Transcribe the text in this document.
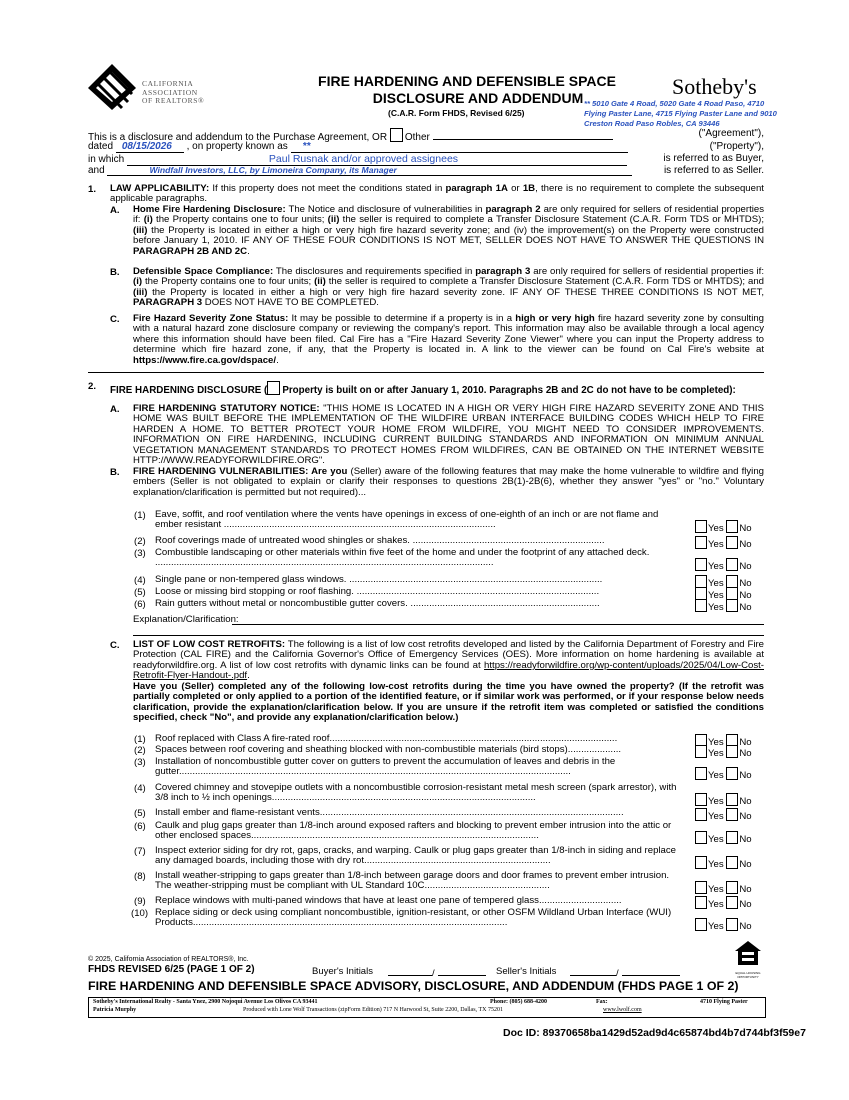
CALIFORNIA
ASSOCIATION
OF REALTORS®
FIRE HARDENING AND DEFENSIBLE SPACE
DISCLOSURE AND ADDENDUM
(C.A.R. Form FHDS, Revised 6/25)
Sotheby's
** 5010 Gate 4 Road, 5020 Gate 4 Road Paso, 4710 Flying Paster Lane, 4715 Flying Paster Lane and 9010 Creston Road Paso Robles, CA 93446
This is a disclosure and addendum to the Purchase Agreement, OR Other	("Agreement"),
dated 08/15/2026 , on property known as **	("Property"),
in which	Paul Rusnak and/or approved assignees	is referred to as Buyer,
and	Windfall Investors, LLC, by Limoneira Company, its Manager	is referred to as Seller.
1. LAW APPLICABILITY: If this property does not meet the conditions stated in paragraph 1A or 1B, there is no requirement to complete the subsequent applicable paragraphs.
A. Home Fire Hardening Disclosure: The Notice and disclosure of vulnerabilities in paragraph 2 are only required for sellers of residential properties if: (i) the Property contains one to four units; (ii) the seller is required to complete a Transfer Disclosure Statement (C.A.R. Form TDS or MHTDS); (iii) the Property is located in either a high or very high fire hazard severity zone; and (iv) the improvement(s) on the Property were constructed before January 1, 2010. IF ANY OF THESE FOUR CONDITIONS IS NOT MET, SELLER DOES NOT HAVE TO ANSWER THE QUESTIONS IN PARAGRAPH 2B AND 2C.
B. Defensible Space Compliance: The disclosures and requirements specified in paragraph 3 are only required for sellers of residential properties if: (i) the Property contains one to four units; (ii) the seller is required to complete a Transfer Disclosure Statement (C.A.R. Form TDS or MHTDS); and (iii) the Property is located in either a high or very high fire hazard severity zone. IF ANY OF THESE THREE CONDITIONS IS NOT MET, PARAGRAPH 3 DOES NOT HAVE TO BE COMPLETED.
C. Fire Hazard Severity Zone Status: It may be possible to determine if a property is in a high or very high fire hazard severity zone by consulting with a natural hazard zone disclosure company or reviewing the company's report. This information may also be available through a local agency where this information should have been filed. Cal Fire has a "Fire Hazard Severity Zone Viewer" where you can input the Property address to determine which fire hazard zone, if any, that the Property is located in. A link to the viewer can be found on Cal Fire's website at https://www.fire.ca.gov/dspace/.
2. FIRE HARDENING DISCLOSURE ( Property is built on or after January 1, 2010. Paragraphs 2B and 2C do not have to be completed):
A. FIRE HARDENING STATUTORY NOTICE: "THIS HOME IS LOCATED IN A HIGH OR VERY HIGH FIRE HAZARD SEVERITY ZONE AND THIS HOME WAS BUILT BEFORE THE IMPLEMENTATION OF THE WILDFIRE URBAN INTERFACE BUILDING CODES WHICH HELP TO FIRE HARDEN A HOME. TO BETTER PROTECT YOUR HOME FROM WILDFIRE, YOU MIGHT NEED TO CONSIDER IMPROVEMENTS. INFORMATION ON FIRE HARDENING, INCLUDING CURRENT BUILDING STANDARDS AND INFORMATION ON MINIMUM ANNUAL VEGETATION MANAGEMENT STANDARDS TO PROTECT HOMES FROM WILDFIRES, CAN BE OBTAINED ON THE INTERNET WEBSITE HTTP://WWW.READYFORWILDFIRE.ORG".
B. FIRE HARDENING VULNERABILITIES: Are you (Seller) aware of the following features that may make the home vulnerable to wildfire and flying embers (Seller is not obligated to explain or clarify their responses to questions 2B(1)-2B(6), whether they answer "yes" or "no." Voluntary explanation/clarification is permitted but not required)...
(1) Eave, soffit, and roof ventilation where the vents have openings in excess of one-eighth of an inch or are not flame and ember resistant ......................................................................................................	Yes No
(2) Roof coverings made of untreated wood shingles or shakes. ........................................................................	Yes No
(3) Combustible landscaping or other materials within five feet of the home and under the footprint of any attached deck. ...............................................................................................................................	Yes No
(4) Single pane or non-tempered glass windows. ...............................................................................................	Yes No
(5) Loose or missing bird stopping or roof flashing. ...........................................................................................	Yes No
(6) Rain gutters without metal or noncombustible gutter covers. .......................................................................	Yes No
Explanation/Clarification:
C. LIST OF LOW COST RETROFITS: The following is a list of low cost retrofits developed and listed by the California Department of Forestry and Fire Protection (CAL FIRE) and the California Governor's Office of Emergency Services (OES). More information on home hardening is available at readyforwildfire.org. A list of low cost retrofits with dynamic links can be found at https://readyforwildfire.org/wp-content/uploads/2025/04/Low-Cost-Retrofit-Flyer-Handout-.pdf.
Have you (Seller) completed any of the following low-cost retrofits during the time you have owned the property? (If the retrofit was partially completed or only applied to a portion of the identified feature, or if similar work was performed, or if your response below needs clarification, provide the explanation/clarification below. If you are unsure if the retrofit item was completed or satisfied the conditions specified, check "No", and provide any explanation/clarification below.)
(1) Roof replaced with Class A fire-rated roof............................................................................................................	Yes No
(2) Spaces between roof covering and sheathing blocked with non-combustible materials (bird stops)....................	Yes No
(3) Installation of noncombustible gutter cover on gutters to prevent the accumulation of leaves and debris in the gutter...................................................................................................................................................	Yes No
(4) Covered chimney and stovepipe outlets with a noncombustible corrosion-resistant metal mesh screen (spark arrestor), with 3/8 inch to ½ inch openings...................................................................................................	Yes No
(5) Install ember and flame-resistant vents..................................................................................................................	Yes No
(6) Caulk and plug gaps greater than 1/8-inch around exposed rafters and blocking to prevent ember intrusion into the attic or other enclosed spaces............................................................................................................	Yes No
(7) Inspect exterior siding for dry rot, gaps, cracks, and warping. Caulk or plug gaps greater than 1/8-inch in siding and replace any damaged boards, including those with dry rot......................................................................	Yes No
(8) Install weather-stripping to gaps greater than 1/8-inch between garage doors and door frames to prevent ember intrusion. The weather-stripping must be compliant with UL Standard 10C...............................................	Yes No
(9) Replace windows with multi-paned windows that have at least one pane of tempered glass...............................	Yes No
(10) Replace siding or deck using compliant noncombustible, ignition-resistant, or other OSFM Wildland Urban Interface (WUI) Products......................................................................................................................	Yes No
© 2025, California Association of REALTORS®, Inc.
FHDS REVISED 6/25 (PAGE 1 OF 2)	Buyer's Initials	/	Seller's Initials	/	EQUAL HOUSING OPPORTUNITY
FIRE HARDENING AND DEFENSIBLE SPACE ADVISORY, DISCLOSURE, AND ADDENDUM (FHDS PAGE 1 OF 2)
Sotheby's International Realty - Santa Ynez, 2900 Nojoqui Avenue Los Olivos CA 93441	Phone: (805) 688-4200	Fax:	4710 Flying Paster
Patricia Murphy	Produced with Lone Wolf Transactions (zipForm Edition) 717 N Harwood St, Suite 2200, Dallas, TX 75201	www.lwolf.com
Doc ID: 89370658ba1429d52ad9d4c65874bd4b7d744bf3f59e7
